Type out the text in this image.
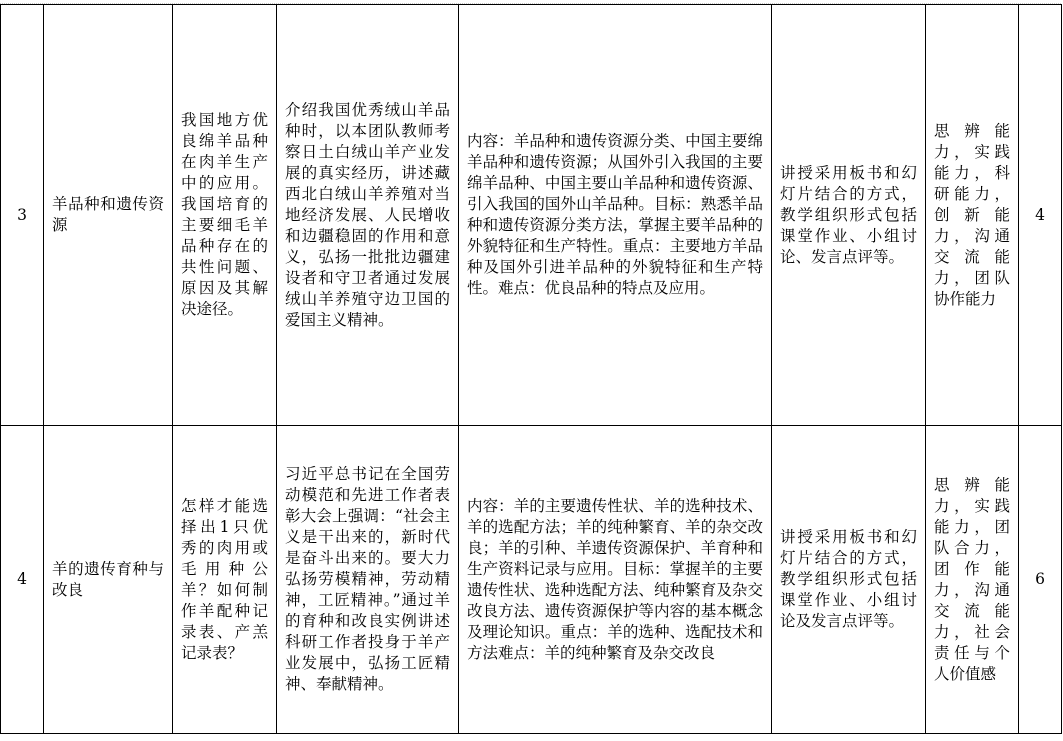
3	羊品种和遗传资源	我国地方优良绵羊品种在肉羊生产中的应用。我国培育的主要细毛羊品种存在的共性问题、原因及其解决途径。	介绍我国优秀绒山羊品种时，以本团队教师考察日土白绒山羊产业发展的真实经历，讲述藏西北白绒山羊养殖对当地经济发展、人民增收和边疆稳固的作用和意义，弘扬一批批边疆建设者和守卫者通过发展绒山羊养殖守边卫国的爱国主义精神。	内容：羊品种和遗传资源分类、中国主要绵羊品种和遗传资源；从国外引入我国的主要绵羊品种、中国主要山羊品种和遗传资源、引入我国的国外山羊品种。目标：熟悉羊品种和遗传资源分类方法，掌握主要羊品种的外貌特征和生产特性。重点：主要地方羊品种及国外引进羊品种的外貌特征和生产特性。难点：优良品种的特点及应用。	讲授采用板书和幻灯片结合的方式，教学组织形式包括课堂作业、小组讨论、发言点评等。	思辨能力，实践能力，科研能力，创新能力，沟通交流能力，团队协作能力	4
4	羊的遗传育种与改良	怎样才能选择出1只优秀的肉用或毛用种公羊？如何制作羊配种记录表、产羔记录表？	习近平总书记在全国劳动模范和先进工作者表彰大会上强调：“社会主义是干出来的，新时代是奋斗出来的。要大力弘扬劳模精神，劳动精神，工匠精神。”通过羊的育种和改良实例讲述科研工作者投身于羊产业发展中，弘扬工匠精神、奉献精神。	内容：羊的主要遗传性状、羊的选种技术、羊的选配方法；羊的纯种繁育、羊的杂交改良；羊的引种、羊遗传资源保护、羊育种和生产资料记录与应用。目标：掌握羊的主要遗传性状、选种选配方法、纯种繁育及杂交改良方法、遗传资源保护等内容的基本概念及理论知识。重点：羊的选种、选配技术和方法难点：羊的纯种繁育及杂交改良	讲授采用板书和幻灯片结合的方式，教学组织形式包括课堂作业、小组讨论及发言点评等。	思辨能力，实践能力，团队合力，团作能力，沟通交流能力，社会责任与个人价值感	6
